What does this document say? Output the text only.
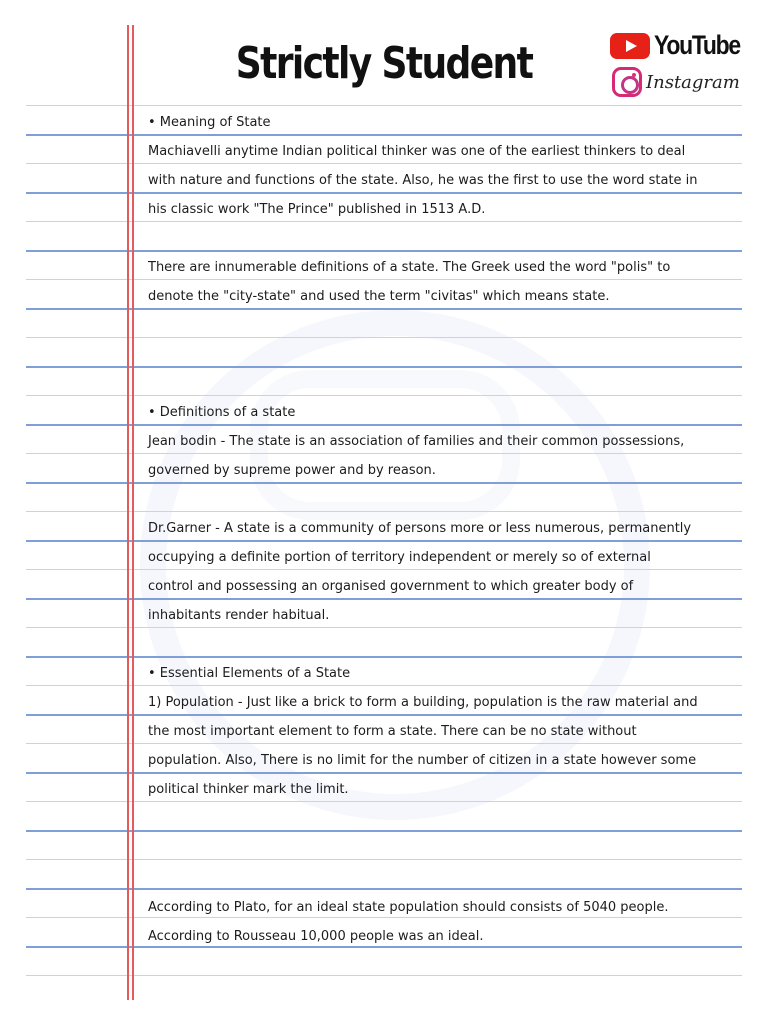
Strictly Student	YouTube
Instagram
• Meaning of State
Machiavelli anytime Indian political thinker was one of the earliest thinkers to deal
with nature and functions of the state. Also, he was the first to use the word state in
his classic work "The Prince" published in 1513 A.D.
There are innumerable definitions of a state. The Greek used the word "polis" to
denote the "city-state" and used the term "civitas" which means state.
• Definitions of a state
Jean bodin - The state is an association of families and their common possessions,
governed by supreme power and by reason.
Dr.Garner - A state is a community of persons more or less numerous, permanently
occupying a definite portion of territory independent or merely so of external
control and possessing an organised government to which greater body of
inhabitants render habitual.
• Essential Elements of a State
1) Population - Just like a brick to form a building, population is the raw material and
the most important element to form a state. There can be no state without
population. Also, There is no limit for the number of citizen in a state however some
political thinker mark the limit.
According to Plato, for an ideal state population should consists of 5040 people.
According to Rousseau 10,000 people was an ideal.
